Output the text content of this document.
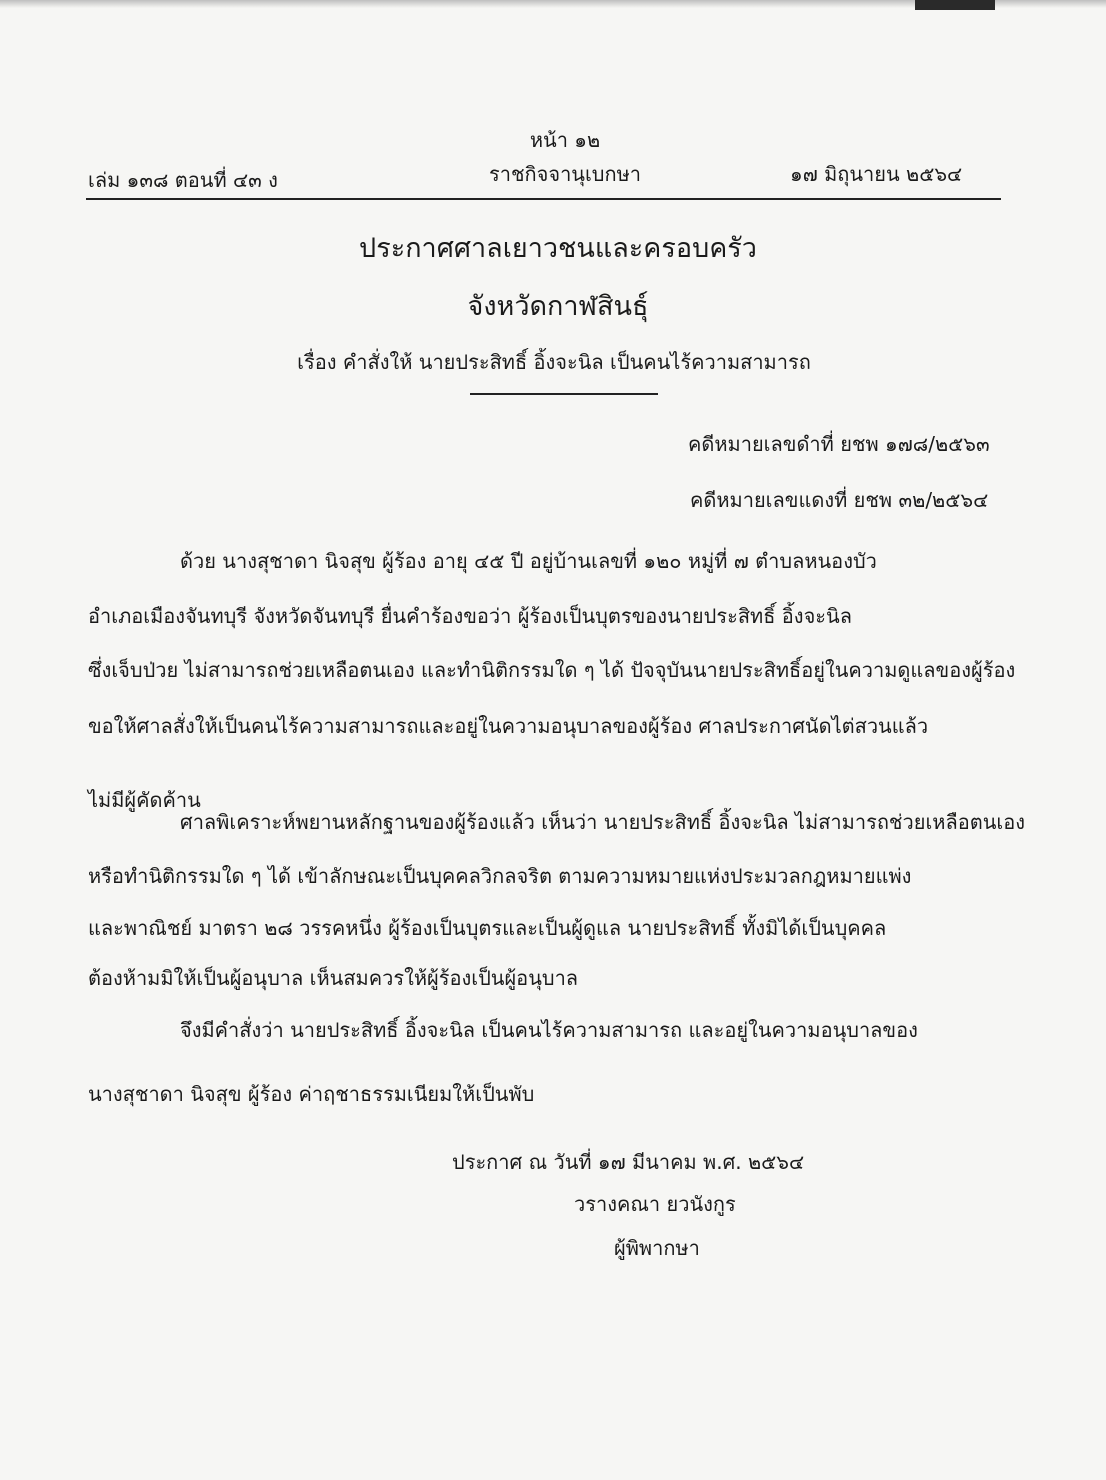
หน้า ๑๒
เล่ม ๑๓๘ ตอนที่ ๔๓ ง	ราชกิจจานุเบกษา	๑๗ มิถุนายน ๒๕๖๔
ประกาศศาลเยาวชนและครอบครัว
จังหวัดกาฬสินธุ์
เรื่อง คำสั่งให้ นายประสิทธิ์ อิ้งจะนิล เป็นคนไร้ความสามารถ
คดีหมายเลขดำที่ ยชพ ๑๗๘/๒๕๖๓
คดีหมายเลขแดงที่ ยชพ ๓๒/๒๕๖๔
ด้วย นางสุชาดา นิจสุข ผู้ร้อง อายุ ๔๕ ปี อยู่บ้านเลขที่ ๑๒๐ หมู่ที่ ๗ ตำบลหนองบัว
อำเภอเมืองจันทบุรี จังหวัดจันทบุรี ยื่นคำร้องขอว่า ผู้ร้องเป็นบุตรของนายประสิทธิ์ อิ้งจะนิล
ซึ่งเจ็บป่วย ไม่สามารถช่วยเหลือตนเอง และทำนิติกรรมใด ๆ ได้ ปัจจุบันนายประสิทธิ์อยู่ในความดูแลของผู้ร้อง
ขอให้ศาลสั่งให้เป็นคนไร้ความสามารถและอยู่ในความอนุบาลของผู้ร้อง ศาลประกาศนัดไต่สวนแล้ว
ไม่มีผู้คัดค้าน
ศาลพิเคราะห์พยานหลักฐานของผู้ร้องแล้ว เห็นว่า นายประสิทธิ์ อิ้งจะนิล ไม่สามารถช่วยเหลือตนเอง
หรือทำนิติกรรมใด ๆ ได้ เข้าลักษณะเป็นบุคคลวิกลจริต ตามความหมายแห่งประมวลกฎหมายแพ่ง
และพาณิชย์ มาตรา ๒๘ วรรคหนึ่ง ผู้ร้องเป็นบุตรและเป็นผู้ดูแล นายประสิทธิ์ ทั้งมิได้เป็นบุคคล
ต้องห้ามมิให้เป็นผู้อนุบาล เห็นสมควรให้ผู้ร้องเป็นผู้อนุบาล
จึงมีคำสั่งว่า นายประสิทธิ์ อิ้งจะนิล เป็นคนไร้ความสามารถ และอยู่ในความอนุบาลของ
นางสุชาดา นิจสุข ผู้ร้อง ค่าฤชาธรรมเนียมให้เป็นพับ
ประกาศ ณ วันที่ ๑๗ มีนาคม พ.ศ. ๒๕๖๔
วรางคณา ยวนังกูร
ผู้พิพากษา
